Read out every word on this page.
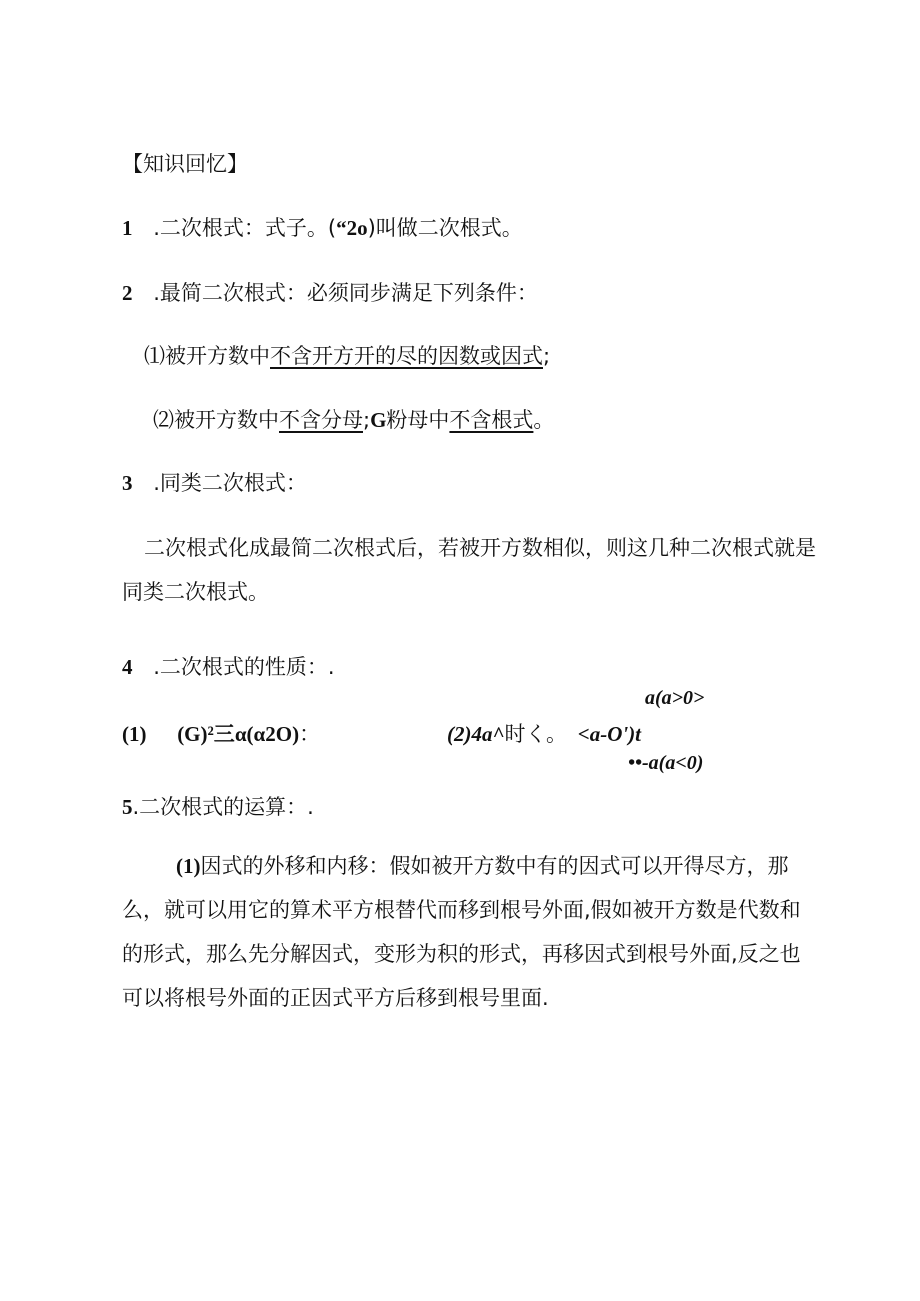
【知识回忆】
1 .二次根式：式子。(“2o)叫做二次根式。
2 .最简二次根式：必须同步满足下列条件：
⑴被开方数中不含开方开的尽的因数或因式;
⑵被开方数中不含分母;G粉母中不含根式。
3 .同类二次根式：
二次根式化成最简二次根式后，若被开方数相似，则这几种二次根式就是同类二次根式。
4 .二次根式的性质：.
a(a>0>
(1) (G)²三α(α2O)：	(2)4a^时く。 <a-O')t
••-a(a<0)
5.二次根式的运算：.
(1)因式的外移和内移：假如被开方数中有的因式可以开得尽方，那么，就可以用它的算术平方根替代而移到根号外面,假如被开方数是代数和的形式，那么先分解因式，变形为积的形式，再移因式到根号外面,反之也可以将根号外面的正因式平方后移到根号里面.
